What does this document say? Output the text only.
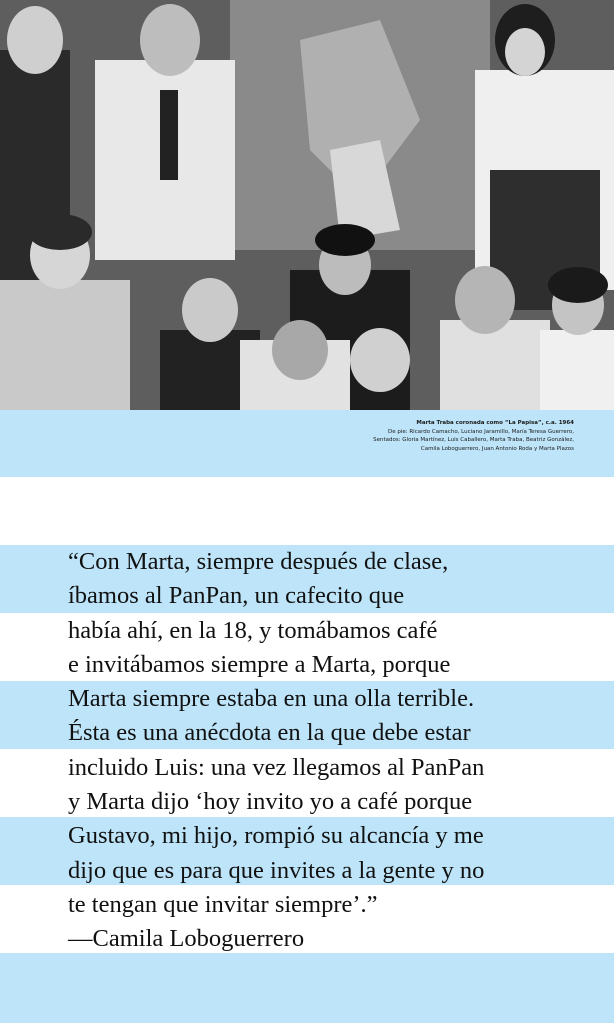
Marta Traba coronada como “La Papisa”, c.a. 1964
De pie: Ricardo Camacho, Luciano Jaramillo, María Teresa Guerrero,
Sentados: Gloria Martínez, Luis Caballero, Marta Traba, Beatriz González,
Camila Loboguerrero, Juan Antonio Roda y Marta Plazos
“Con Marta, siempre después de clase,
íbamos al PanPan, un cafecito que
había ahí, en la 18, y tomábamos café
e invitábamos siempre a Marta, porque
Marta siempre estaba en una olla terrible.
Ésta es una anécdota en la que debe estar
incluido Luis: una vez llegamos al PanPan
y Marta dijo ‘hoy invito yo a café porque
Gustavo, mi hijo, rompió su alcancía y me
dijo que es para que invites a la gente y no
te tengan que invitar siempre’.”
—Camila Loboguerrero
